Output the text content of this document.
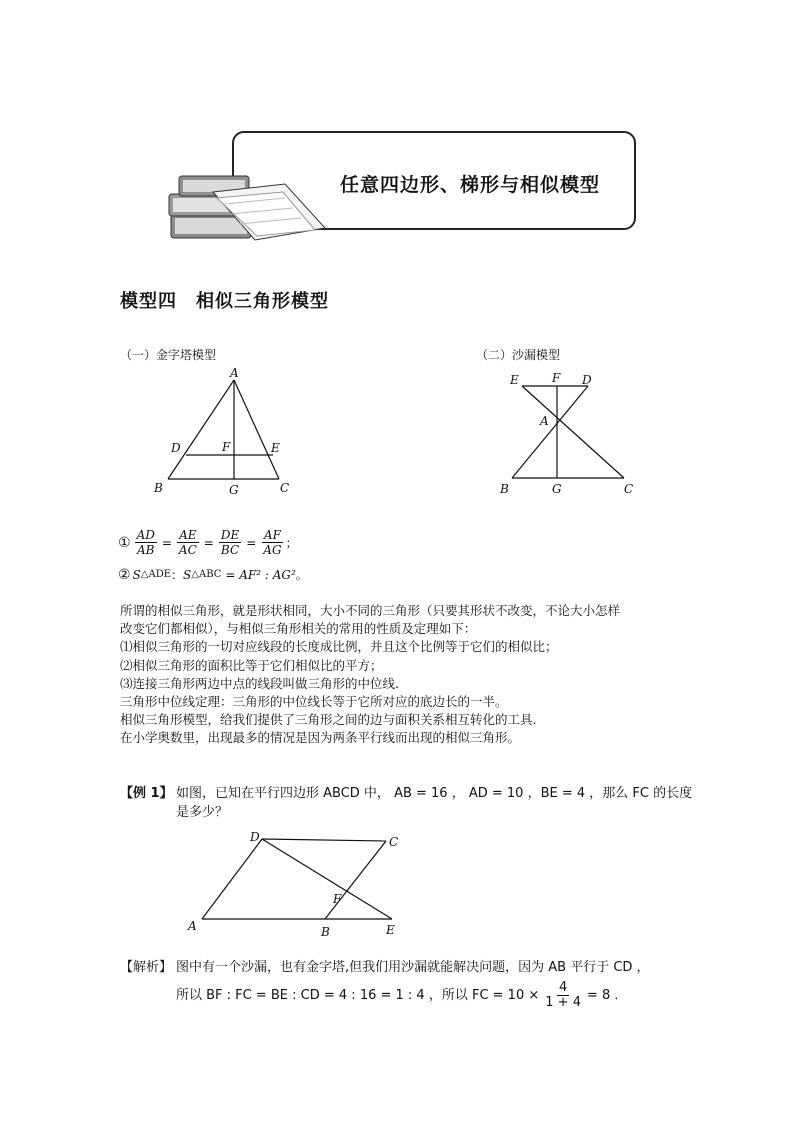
任意四边形、梯形与相似模型
模型四　相似三角形模型
（一）金字塔模型
A
D	F	E
B	G	C
（二）沙漏模型
E	F D
A
B	G	C
① $\frac{AD}{AB} = \frac{AE}{AC} = \frac{DE}{BC} = \frac{AF}{AG}$ ；
② S △ADE ： S △ABC = AF² : AG² 。
所谓的相似三角形，就是形状相同，大小不同的三角形（只要其形状不改变，不论大小怎样
改变它们都相似），与相似三角形相关的常用的性质及定理如下：
⑴相似三角形的一切对应线段的长度成比例，并且这个比例等于它们的相似比；
⑵相似三角形的面积比等于它们相似比的平方；
⑶连接三角形两边中点的线段叫做三角形的中位线.
三角形中位线定理：三角形的中位线长等于它所对应的底边长的一半。
相似三角形模型，给我们提供了三角形之间的边与面积关系相互转化的工具.
在小学奥数里，出现最多的情况是因为两条平行线而出现的相似三角形。
【例 1】 如图，已知在平行四边形 ABCD 中， AB = 16 ， AD = 10 ，BE = 4 ，那么 FC 的长度
是多少？
D	C
F
A	B	E
【解析】 图中有一个沙漏，也有金字塔,但我们用沙漏就能解决问题，因为 AB 平行于 CD ，
所以 BF : FC = BE : CD = 4 : 16 = 1 : 4 ，所以 FC = $10 \times \frac{4}{1 + 4} = 8$ ．
